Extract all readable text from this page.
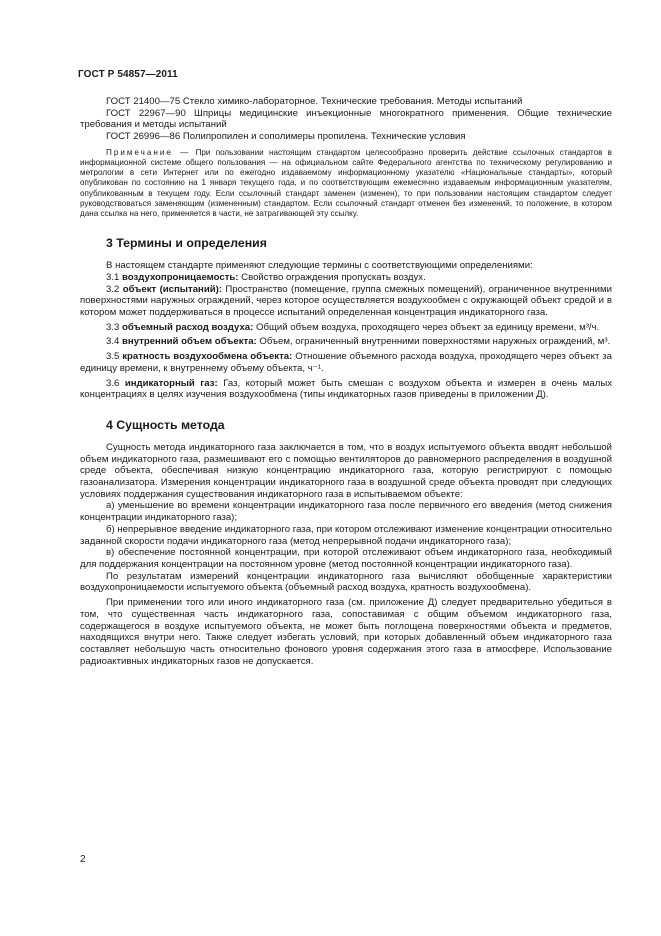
ГОСТ Р 54857—2011

ГОСТ 21400—75 Стекло химико-лабораторное. Технические требования. Методы испытаний

ГОСТ 22967—90 Шприцы медицинские инъекционные многократного применения. Общие технические требования и методы испытаний

ГОСТ 26996—86 Полипропилен и сополимеры пропилена. Технические условия

Примечание — При пользовании настоящим стандартом целесообразно проверить действие ссылочных стандартов в информационной системе общего пользования — на официальном сайте Федерального агентства по техническому регулированию и метрологии в сети Интернет или по ежегодно издаваемому информационному указателю «Национальные стандарты», который опубликован по состоянию на 1 января текущего года, и по соответствующим ежемесячно издаваемым информационным указателям, опубликованным в текущем году. Если ссылочный стандарт заменен (изменен), то при пользовании настоящим стандартом следует руководствоваться заменяющим (измененным) стандартом. Если ссылочный стандарт отменен без изменений, то положение, в котором дана ссылка на него, применяется в части, не затрагивающей эту ссылку.

3 Термины и определения

В настоящем стандарте применяют следующие термины с соответствующими определениями:

3.1 воздухопроницаемость: Свойство ограждения пропускать воздух.

3.2 объект (испытаний): Пространство (помещение, группа смежных помещений), ограниченное внутренними поверхностями наружных ограждений, через которое осуществляется воздухообмен с окружающей объект средой и в котором может поддерживаться в процессе испытаний определенная концентрация индикаторного газа.

3.3 объемный расход воздуха: Общий объем воздуха, проходящего через объект за единицу времени, м³/ч.

3.4 внутренний объем объекта: Объем, ограниченный внутренними поверхностями наружных ограждений, м³.

3.5 кратность воздухообмена объекта: Отношение объемного расхода воздуха, проходящего через объект за единицу времени, к внутреннему объему объекта, ч⁻¹.

3.6 индикаторный газ: Газ, который может быть смешан с воздухом объекта и измерен в очень малых концентрациях в целях изучения воздухообмена (типы индикаторных газов приведены в приложении Д).

4 Сущность метода

Сущность метода индикаторного газа заключается в том, что в воздух испытуемого объекта вводят небольшой объем индикаторного газа, размешивают его с помощью вентиляторов до равномерного распределения в воздушной среде объекта, обеспечивая низкую концентрацию индикаторного газа, которую регистрируют с помощью газоанализатора. Измерения концентрации индикаторного газа в воздушной среде объекта проводят при следующих условиях поддержания существования индикаторного газа в испытываемом объекте:

а) уменьшение во времени концентрации индикаторного газа после первичного его введения (метод снижения концентрации индикаторного газа);

б) непрерывное введение индикаторного газа, при котором отслеживают изменение концентрации относительно заданной скорости подачи индикаторного газа (метод непрерывной подачи индикаторного газа);

в) обеспечение постоянной концентрации, при которой отслеживают объем индикаторного газа, необходимый для поддержания концентрации на постоянном уровне (метод постоянной концентрации индикаторного газа).

По результатам измерений концентрации индикаторного газа вычисляют обобщенные характеристики воздухопроницаемости испытуемого объекта (объемный расход воздуха, кратность воздухообмена).

При применении того или иного индикаторного газа (см. приложение Д) следует предварительно убедиться в том, что существенная часть индикаторного газа, сопоставимая с общим объемом индикаторного газа, содержащегося в воздухе испытуемого объекта, не может быть поглощена поверхностями объекта и предметов, находящихся внутри него. Также следует избегать условий, при которых добавленный объем индикаторного газа составляет небольшую часть относительно фонового уровня содержания этого газа в атмосфере. Использование радиоактивных индикаторных газов не допускается.

2
